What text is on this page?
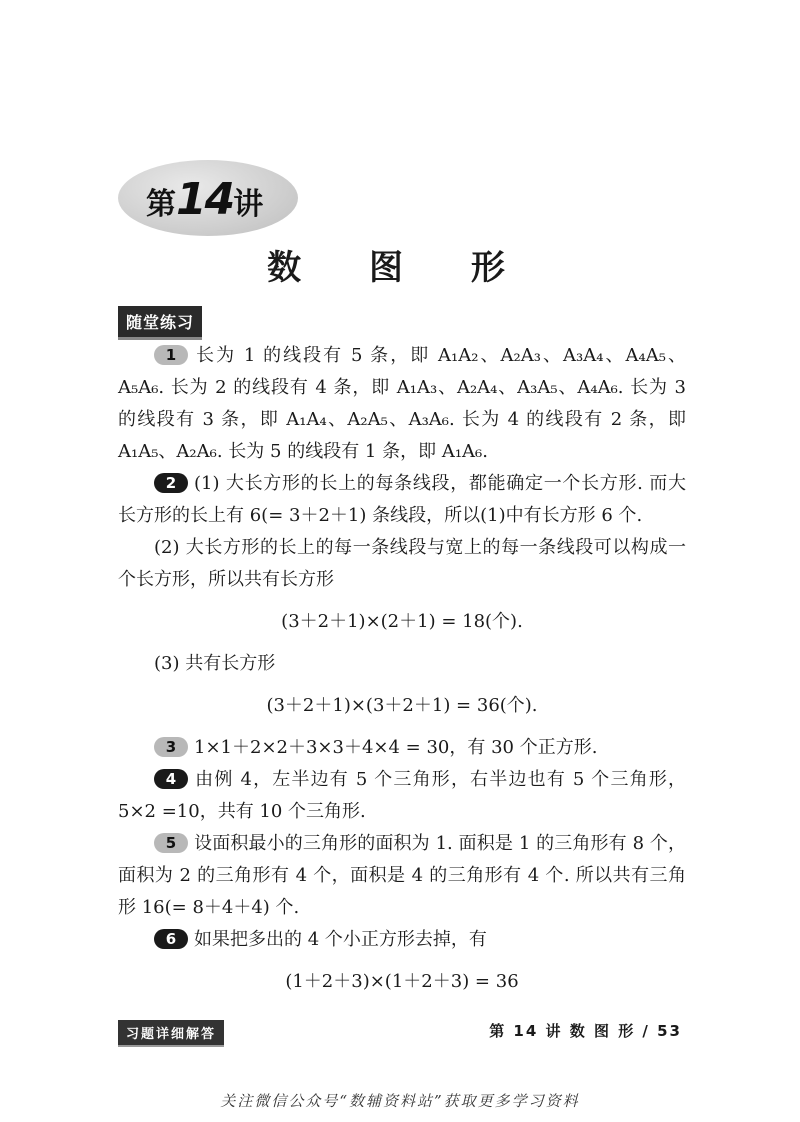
第14讲
数 图 形
随堂练习

1 长为 1 的线段有 5 条，即 A₁A₂、A₂A₃、A₃A₄、A₄A₅、A₅A₆. 长为 2 的线段有 4 条，即 A₁A₃、A₂A₄、A₃A₅、A₄A₆. 长为 3 的线段有 3 条，即 A₁A₄、A₂A₅、A₃A₆. 长为 4 的线段有 2 条，即 A₁A₅、A₂A₆. 长为 5 的线段有 1 条，即 A₁A₆.

2 (1) 大长方形的长上的每条线段，都能确定一个长方形. 而大长方形的长上有 6(= 3＋2＋1) 条线段，所以(1)中有长方形 6 个.

(2) 大长方形的长上的每一条线段与宽上的每一条线段可以构成一个长方形，所以共有长方形

(3＋2＋1)×(2＋1) = 18(个).

(3) 共有长方形

(3＋2＋1)×(3＋2＋1) = 36(个).

3 1×1＋2×2＋3×3＋4×4 = 30，有 30 个正方形.

4 由例 4，左半边有 5 个三角形，右半边也有 5 个三角形，5×2 =10，共有 10 个三角形.

5 设面积最小的三角形的面积为 1. 面积是 1 的三角形有 8 个，面积为 2 的三角形有 4 个，面积是 4 的三角形有 4 个. 所以共有三角形 16(= 8＋4＋4) 个.

6 如果把多出的 4 个小正方形去掉，有

(1＋2＋3)×(1＋2＋3) = 36

习题详细解答	第 14 讲 数 图 形 / 53
关注微信公众号“数辅资料站”获取更多学习资料
